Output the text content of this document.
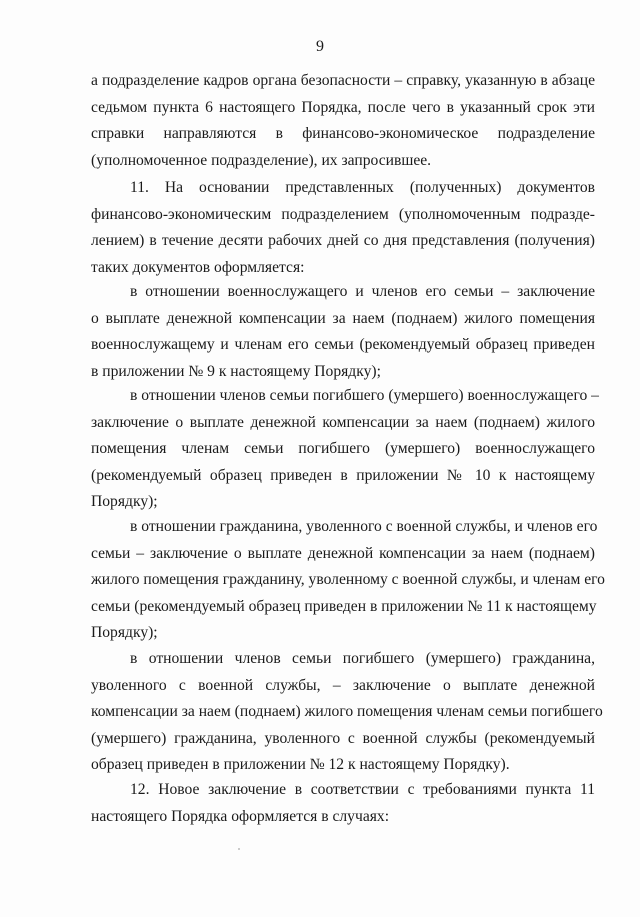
9
а подразделение кадров органа безопасности – справку, указанную в абзаце
седьмом пункта 6 настоящего Порядка, после чего в указанный срок эти
справки направляются в финансово-экономическое подразделение
(уполномоченное подразделение), их запросившее.
11. На основании представленных (полученных) документов
финансово-экономическим подразделением (уполномоченным подразде-
лением) в течение десяти рабочих дней со дня представления (получения)
таких документов оформляется:
в отношении военнослужащего и членов его семьи – заключение
о выплате денежной компенсации за наем (поднаем) жилого помещения
военнослужащему и членам его семьи (рекомендуемый образец приведен
в приложении № 9 к настоящему Порядку);
в отношении членов семьи погибшего (умершего) военнослужащего –
заключение о выплате денежной компенсации за наем (поднаем) жилого
помещения членам семьи погибшего (умершего) военнослужащего
(рекомендуемый образец приведен в приложении № 10 к настоящему
Порядку);
в отношении гражданина, уволенного с военной службы, и членов его
семьи – заключение о выплате денежной компенсации за наем (поднаем)
жилого помещения гражданину, уволенному с военной службы, и членам его
семьи (рекомендуемый образец приведен в приложении № 11 к настоящему
Порядку);
в отношении членов семьи погибшего (умершего) гражданина,
уволенного с военной службы, – заключение о выплате денежной
компенсации за наем (поднаем) жилого помещения членам семьи погибшего
(умершего) гражданина, уволенного с военной службы (рекомендуемый
образец приведен в приложении № 12 к настоящему Порядку).
12. Новое заключение в соответствии с требованиями пункта 11
настоящего Порядка оформляется в случаях:
